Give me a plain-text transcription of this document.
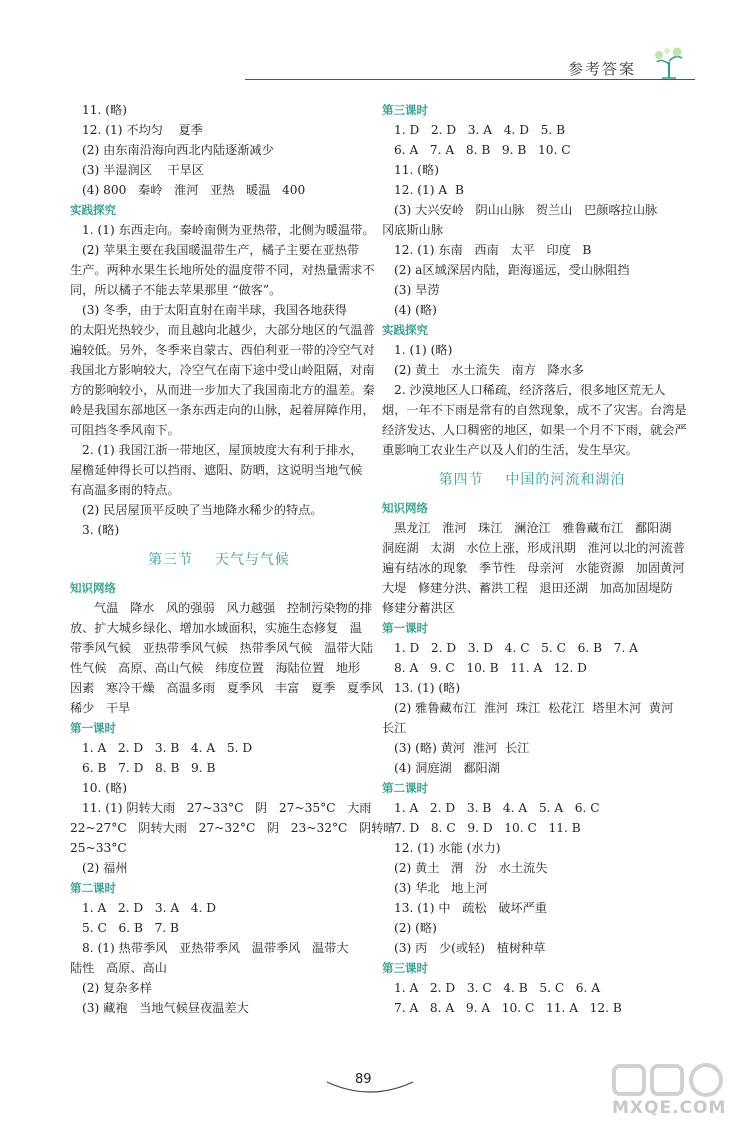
参考答案
11. (略)
12. (1) 不均匀    夏季
(2) 由东南沿海向西北内陆逐渐减少
(3) 半湿润区    干旱区
(4) 800   秦岭   淮河   亚热   暖温   400
实践探究
1. (1) 东西走向。秦岭南侧为亚热带，北侧为暖温带。
(2) 苹果主要在我国暖温带生产，橘子主要在亚热带
生产。两种水果生长地所处的温度带不同，对热量需求不
同，所以橘子不能去苹果那里 “做客”。
(3) 冬季，由于太阳直射在南半球，我国各地获得
的太阳光热较少，而且越向北越少，大部分地区的气温普
遍较低。另外，冬季来自蒙古、西伯利亚一带的冷空气对
我国北方影响较大，冷空气在南下途中受山岭阻隔，对南
方的影响较小，从而进一步加大了我国南北方的温差。秦
岭是我国东部地区一条东西走向的山脉，起着屏障作用，
可阻挡冬季风南下。
2. (1) 我国江浙一带地区，屋顶坡度大有利于排水，
屋檐延伸得长可以挡雨、遮阳、防晒，这说明当地气候
有高温多雨的特点。
(2) 民居屋顶平反映了当地降水稀少的特点。
3. (略)
第三节    天气与气候
知识网络
气温   降水   风的强弱   风力越强   控制污染物的排
放、扩大城乡绿化、增加水域面积，实施生态修复   温
带季风气候   亚热带季风气候   热带季风气候   温带大陆
性气候   高原、高山气候   纬度位置   海陆位置   地形
因素   寒冷干燥   高温多雨   夏季风   丰富   夏季   夏季风
稀少   干旱
第一课时
1. A   2. D   3. B   4. A   5. D
6. B   7. D   8. B   9. B
10. (略)
11. (1) 阴转大雨   27~33°C   阴   27~35°C   大雨
22~27°C   阴转大雨   27~32°C   阴   23~32°C   阴转晴
25~33°C
(2) 福州
第二课时
1. A   2. D   3. A   4. D
5. C   6. B   7. B
8. (1) 热带季风   亚热带季风   温带季风   温带大
陆性   高原、高山
(2) 复杂多样
(3) 藏袍   当地气候昼夜温差大
第三课时
1. D   2. D   3. A   4. D   5. B
6. A   7. A   8. B   9. B   10. C
11. (略)
12. (1) A  B
(3) 大兴安岭   阴山山脉   贺兰山   巴颜喀拉山脉
冈底斯山脉
12. (1) 东南   西南   太平   印度   B
(2) a区域深居内陆，距海遥远，受山脉阻挡
(3) 旱涝
(4) (略)
实践探究
1. (1) (略)
(2) 黄土   水土流失   南方   降水多
2. 沙漠地区人口稀疏，经济落后，很多地区荒无人
烟，一年不下雨是常有的自然现象，成不了灾害。台湾是
经济发达、人口稠密的地区，如果一个月不下雨，就会严
重影响工农业生产以及人们的生活，发生旱灾。
第四节    中国的河流和湖泊
知识网络
黑龙江   淮河   珠江   澜沧江   雅鲁藏布江   鄱阳湖
洞庭湖   太湖   水位上涨，形成汛期   淮河以北的河流普
遍有结冰的现象   季节性   母亲河   水能资源   加固黄河
大堤   修建分洪、蓄洪工程   退田还湖   加高加固堤防
修建分蓄洪区
第一课时
1. D   2. D   3. D   4. C   5. C   6. B   7. A
8. A   9. C   10. B   11. A   12. D
13. (1) (略)
(2) 雅鲁藏布江  淮河  珠江  松花江  塔里木河  黄河
长江
(3) (略) 黄河  淮河  长江
(4) 洞庭湖   鄱阳湖
第二课时
1. A   2. D   3. B   4. A   5. A   6. C
7. D   8. C   9. D   10. C   11. B
12. (1) 水能 (水力)
(2) 黄土   渭   汾   水土流失
(3) 华北   地上河
13. (1) 中   疏松   破坏严重
(2) (略)
(3) 丙   少(或轻)   植树种草
第三课时
1. A   2. D   3. C   4. B   5. C   6. A
7. A   8. A   9. A   10. C   11. A   12. B
89
MXQE.COM
